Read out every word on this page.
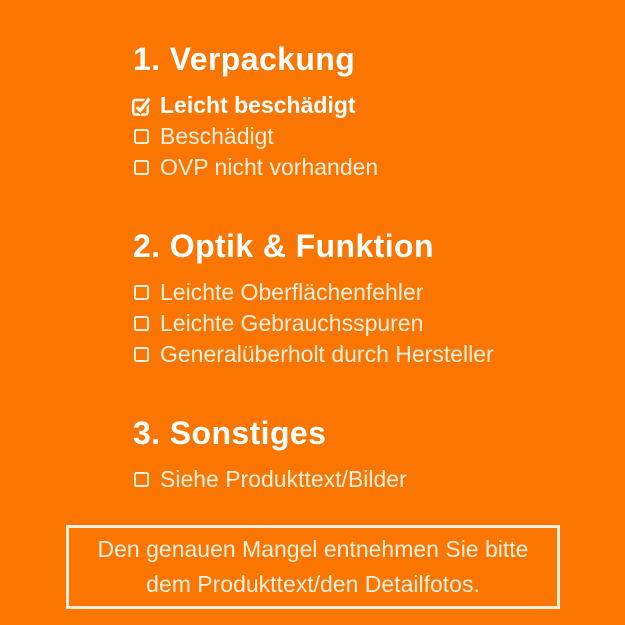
1. Verpackung
Leicht beschädigt
Beschädigt
OVP nicht vorhanden
2. Optik & Funktion
Leichte Oberflächenfehler
Leichte Gebrauchsspuren
Generalüberholt durch Hersteller
3. Sonstiges
Siehe Produkttext/Bilder
Den genauen Mangel entnehmen Sie bitte
dem Produkttext/den Detailfotos.
